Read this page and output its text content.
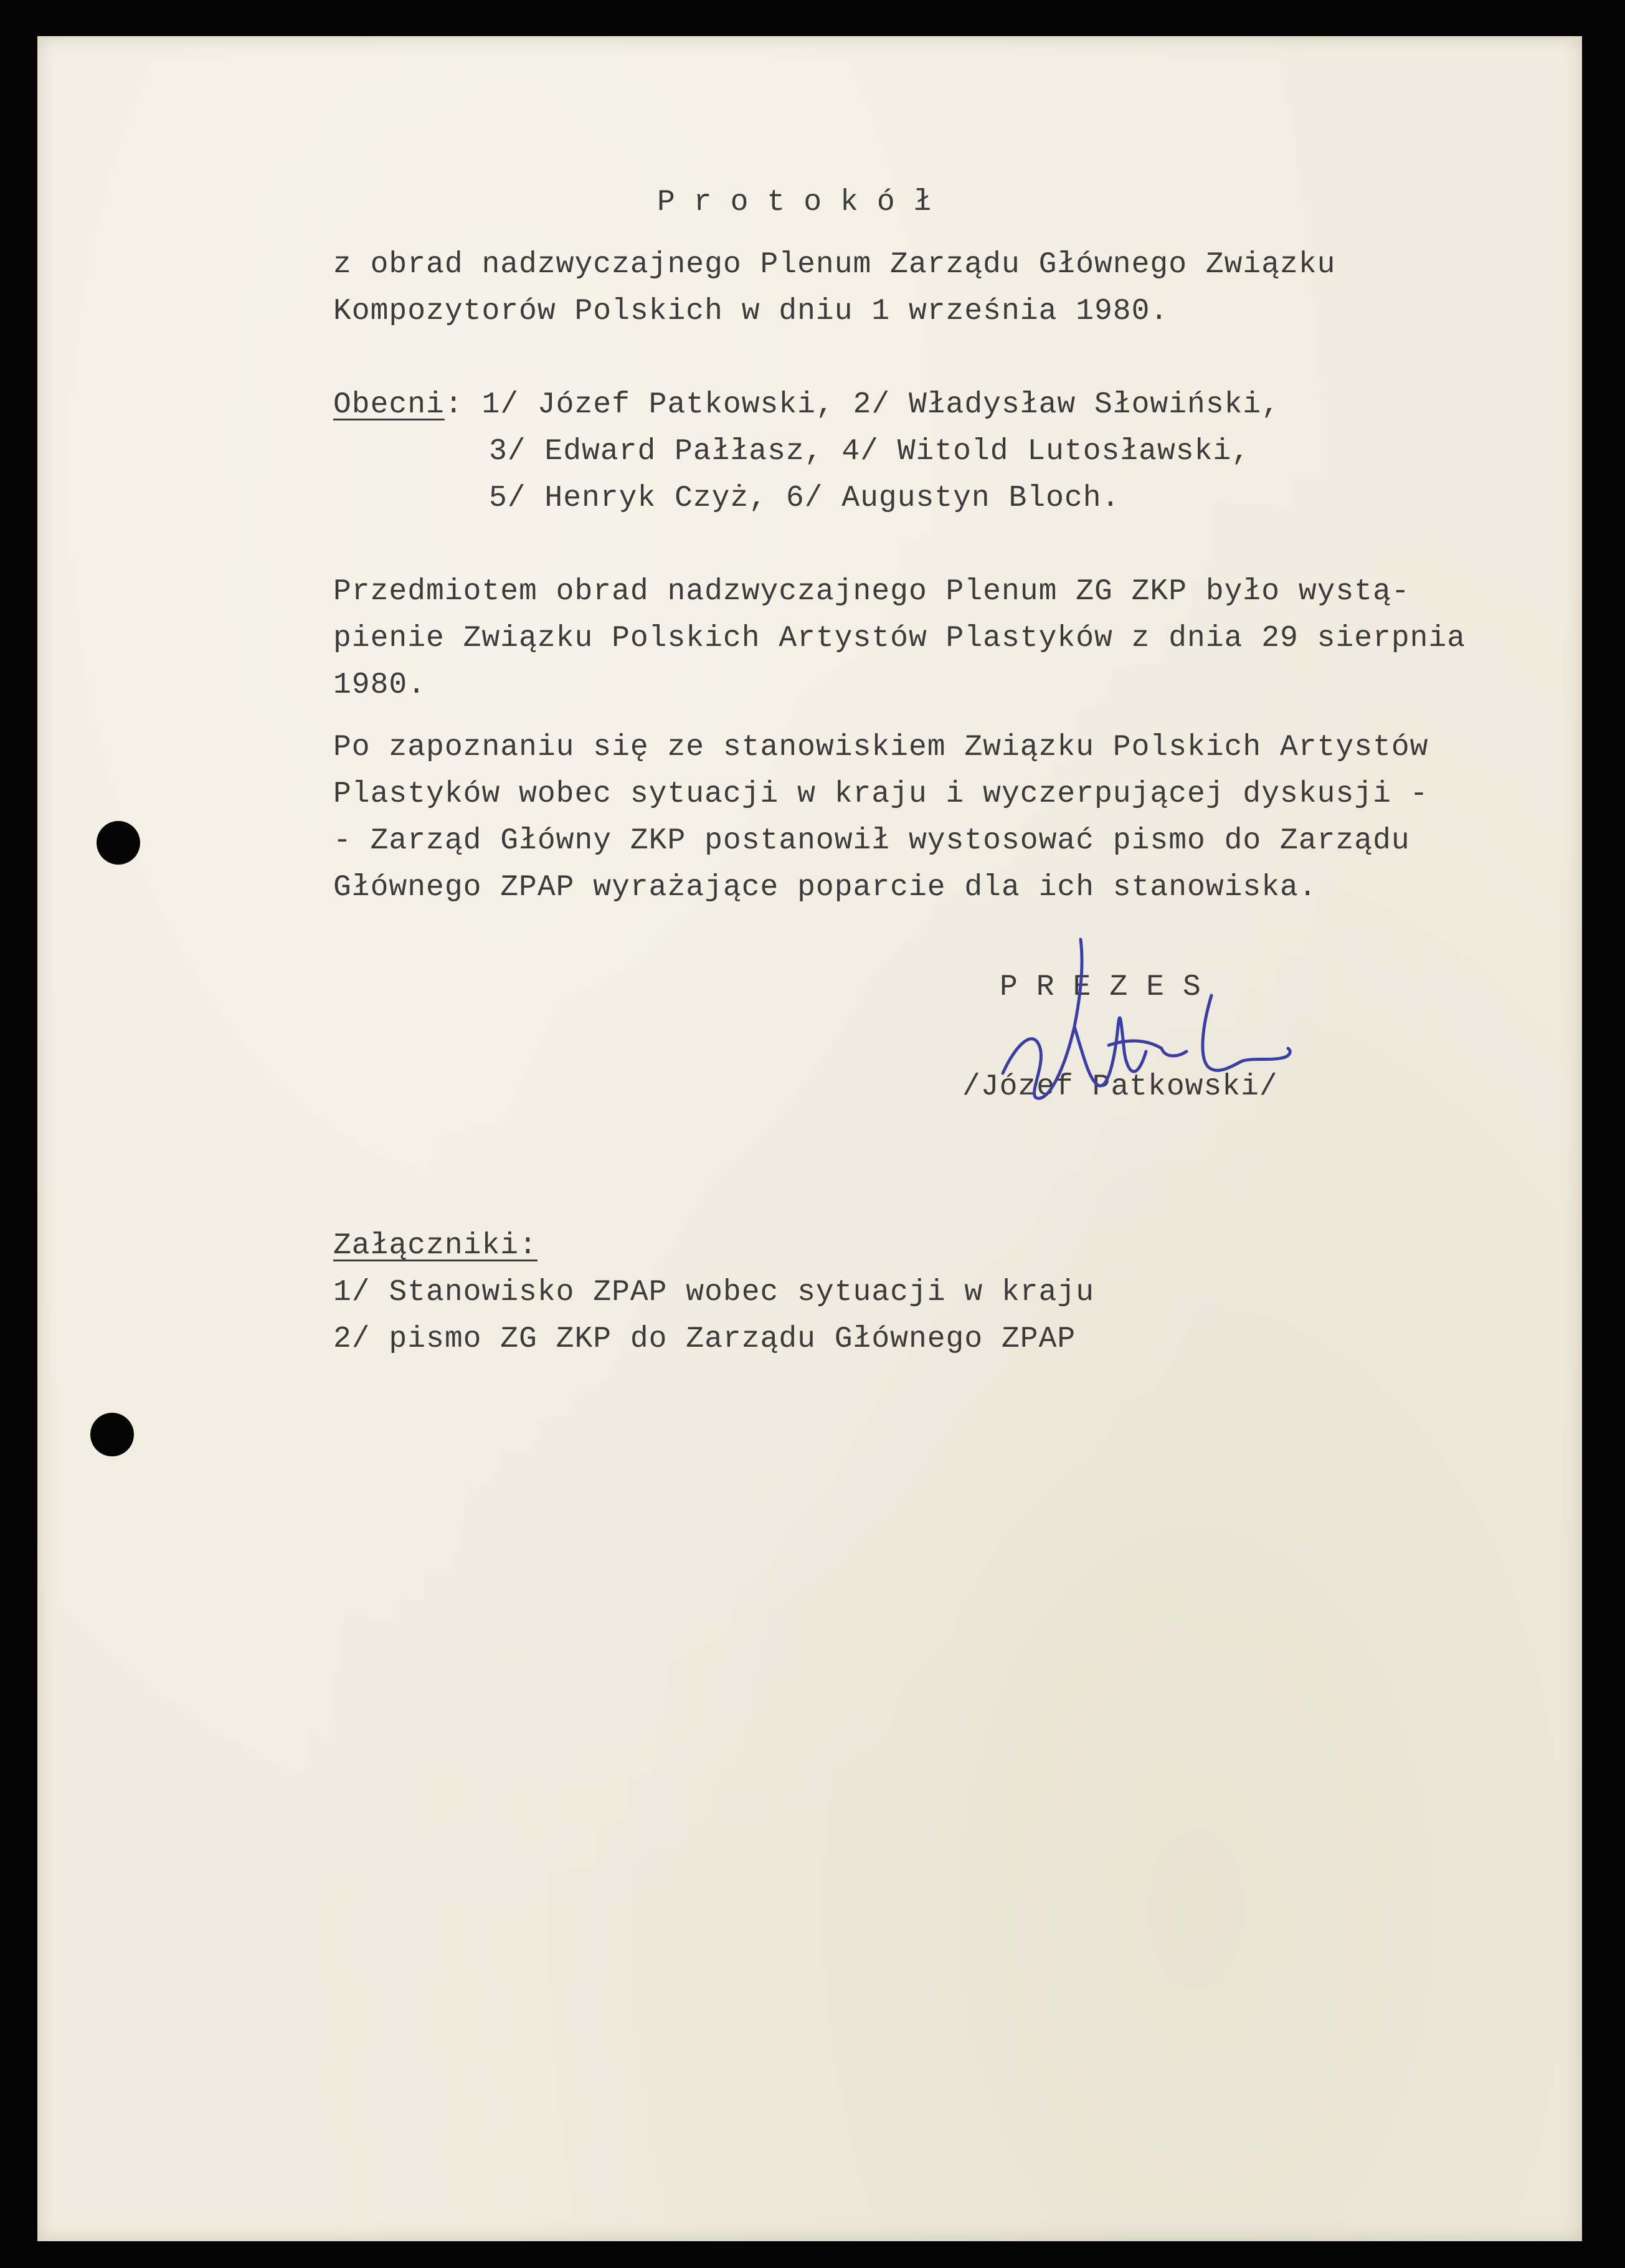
Protokół
z obrad nadzwyczajnego Plenum Zarządu Głównego Związku
Kompozytorów Polskich w dniu 1 września 1980.
Obecni: 1/ Józef Patkowski, 2/ Władysław Słowiński,
3/ Edward Pałłasz, 4/ Witold Lutosławski,
5/ Henryk Czyż, 6/ Augustyn Bloch.
Przedmiotem obrad nadzwyczajnego Plenum ZG ZKP było wystą-
pienie Związku Polskich Artystów Plastyków z dnia 29 sierpnia
1980.
Po zapoznaniu się ze stanowiskiem Związku Polskich Artystów
Plastyków wobec sytuacji w kraju i wyczerpującej dyskusji -
- Zarząd Główny ZKP postanowił wystosować pismo do Zarządu
Głównego ZPAP wyrażające poparcie dla ich stanowiska.
PREZES
/Józef Patkowski/
Załączniki:
1/ Stanowisko ZPAP wobec sytuacji w kraju
2/ pismo ZG ZKP do Zarządu Głównego ZPAP
